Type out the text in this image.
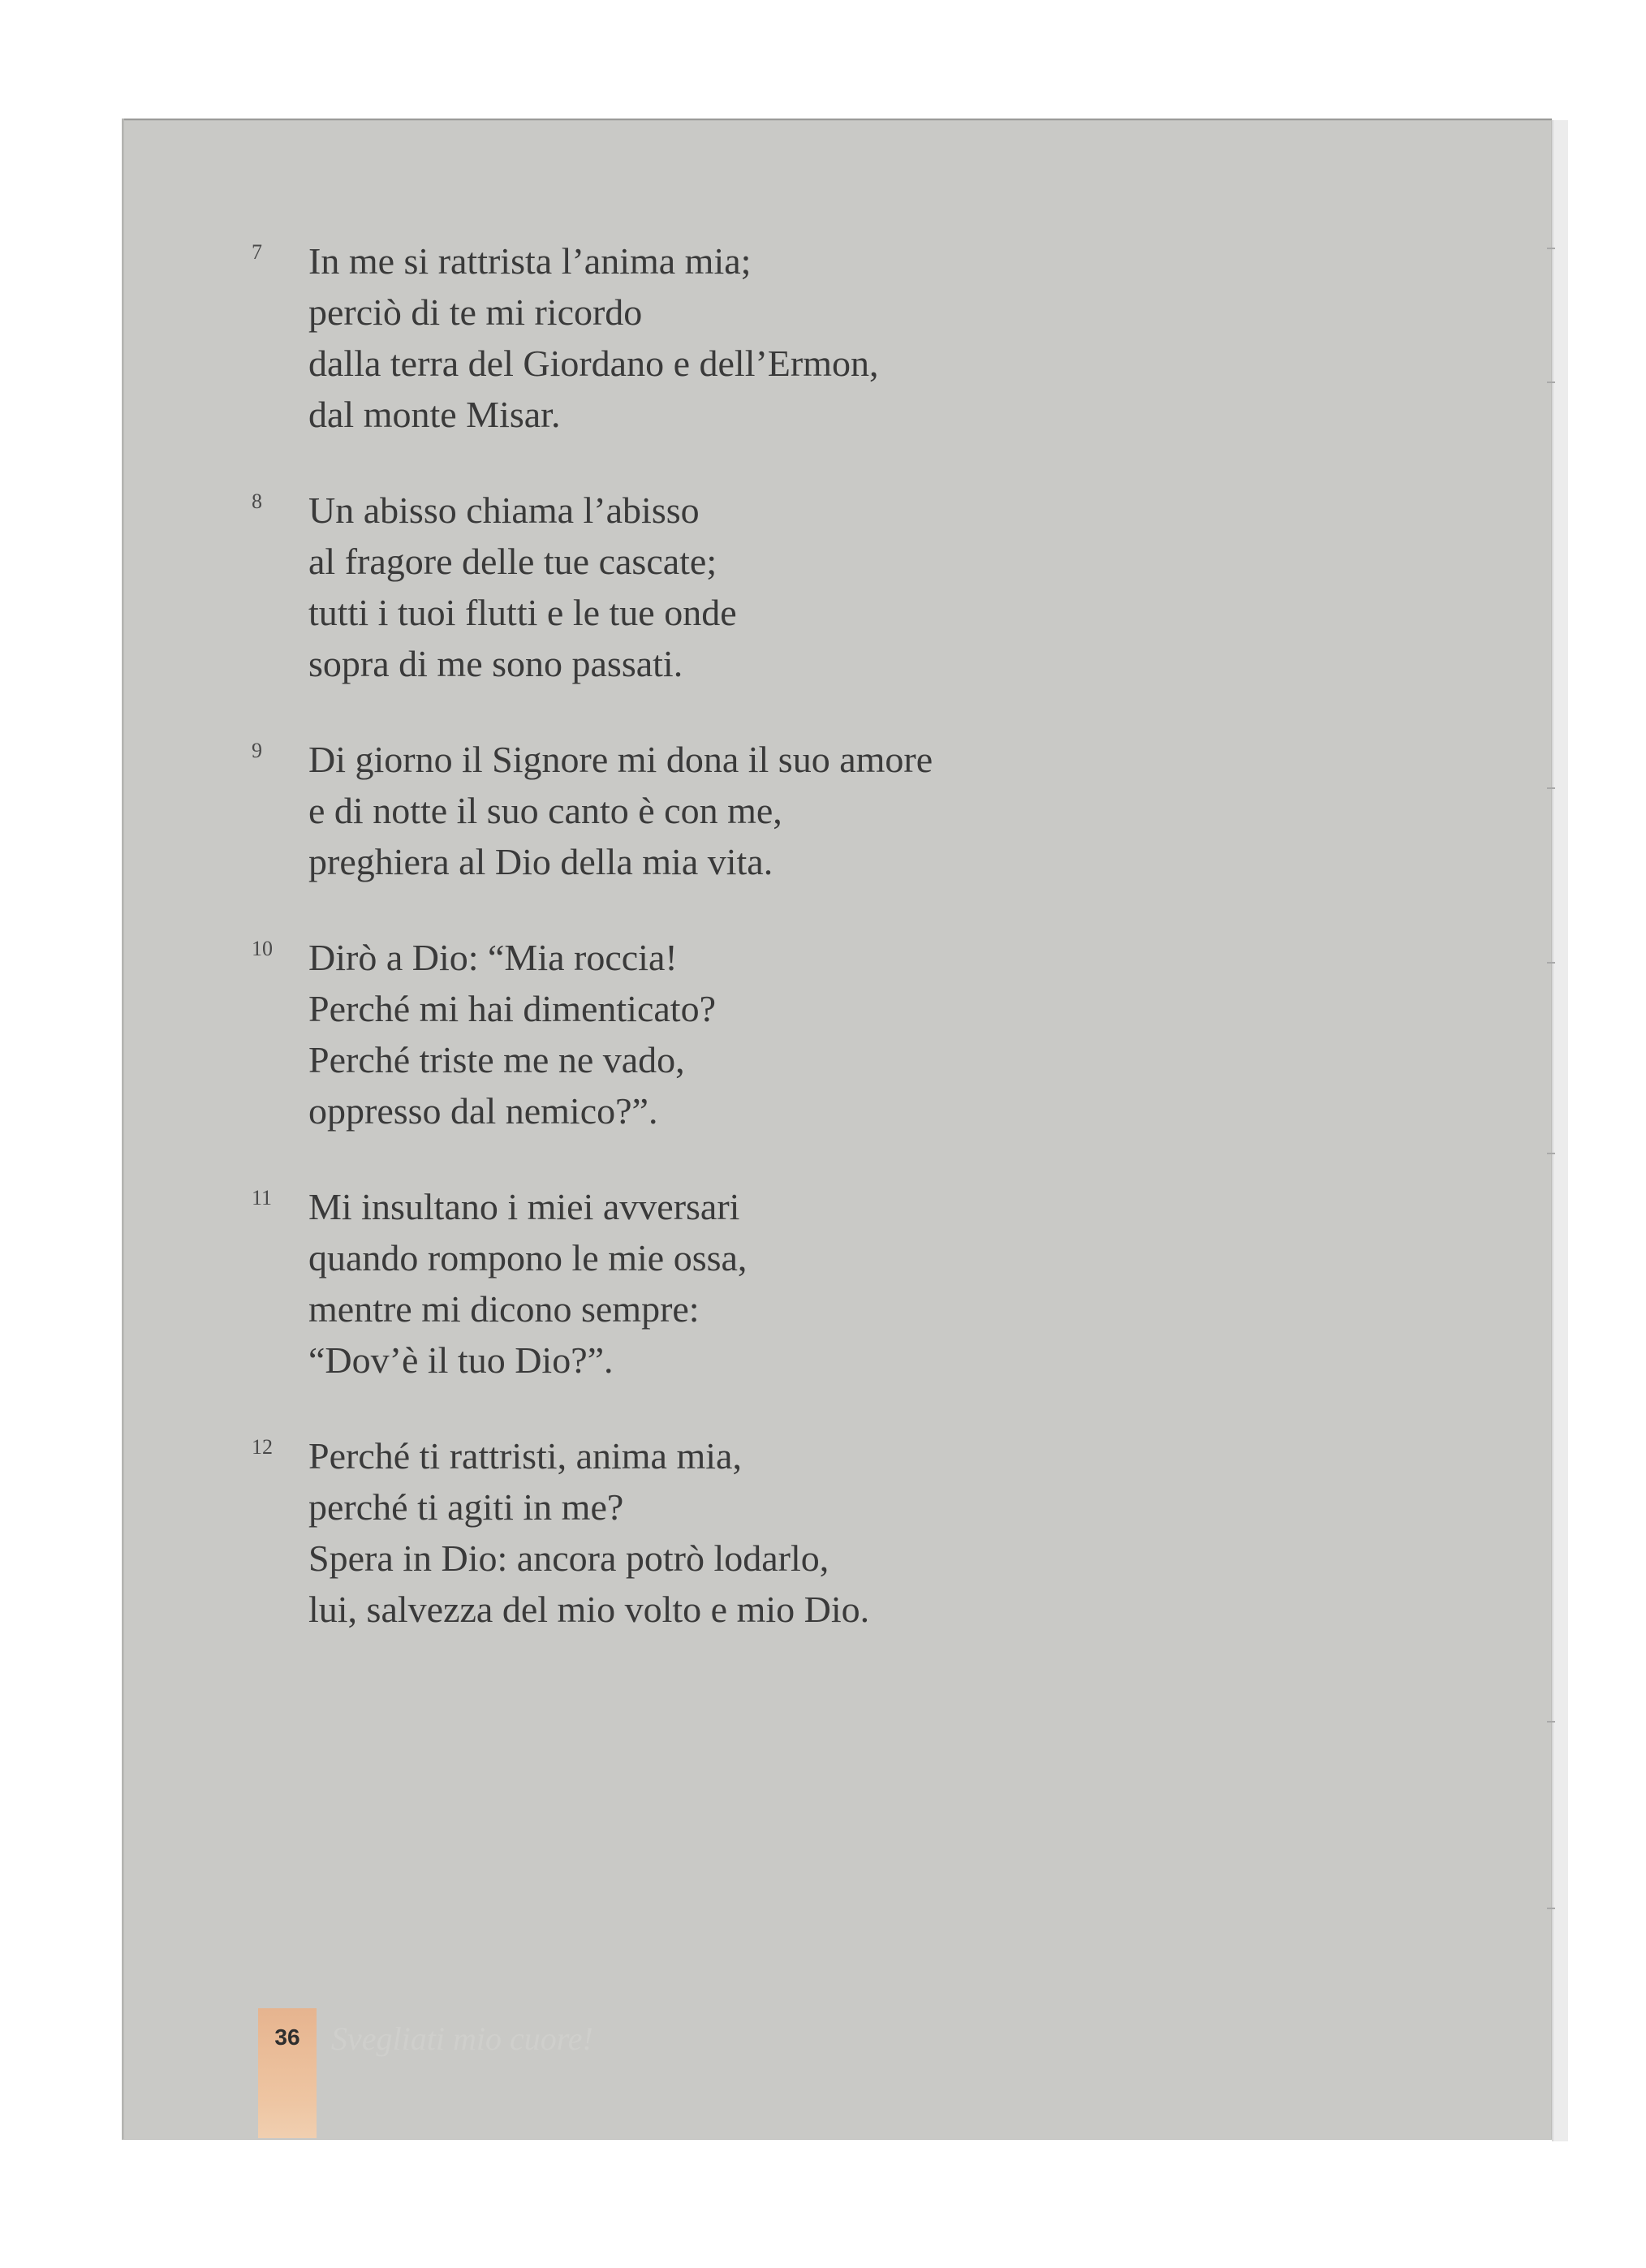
7	In me si rattrista l’anima mia;
perciò di te mi ricordo
dalla terra del Giordano e dell’Ermon,
dal monte Misar.
8	Un abisso chiama l’abisso
al fragore delle tue cascate;
tutti i tuoi flutti e le tue onde
sopra di me sono passati.
9	Di giorno il Signore mi dona il suo amore
e di notte il suo canto è con me,
preghiera al Dio della mia vita.
10 Dirò a Dio: “Mia roccia!
Perché mi hai dimenticato?
Perché triste me ne vado,
oppresso dal nemico?”.
11 Mi insultano i miei avversari
quando rompono le mie ossa,
mentre mi dicono sempre:
“Dov’è il tuo Dio?”.
12 Perché ti rattristi, anima mia,
perché ti agiti in me?
Spera in Dio: ancora potrò lodarlo,
lui, salvezza del mio volto e mio Dio.
36 Svegliati mio cuore!
